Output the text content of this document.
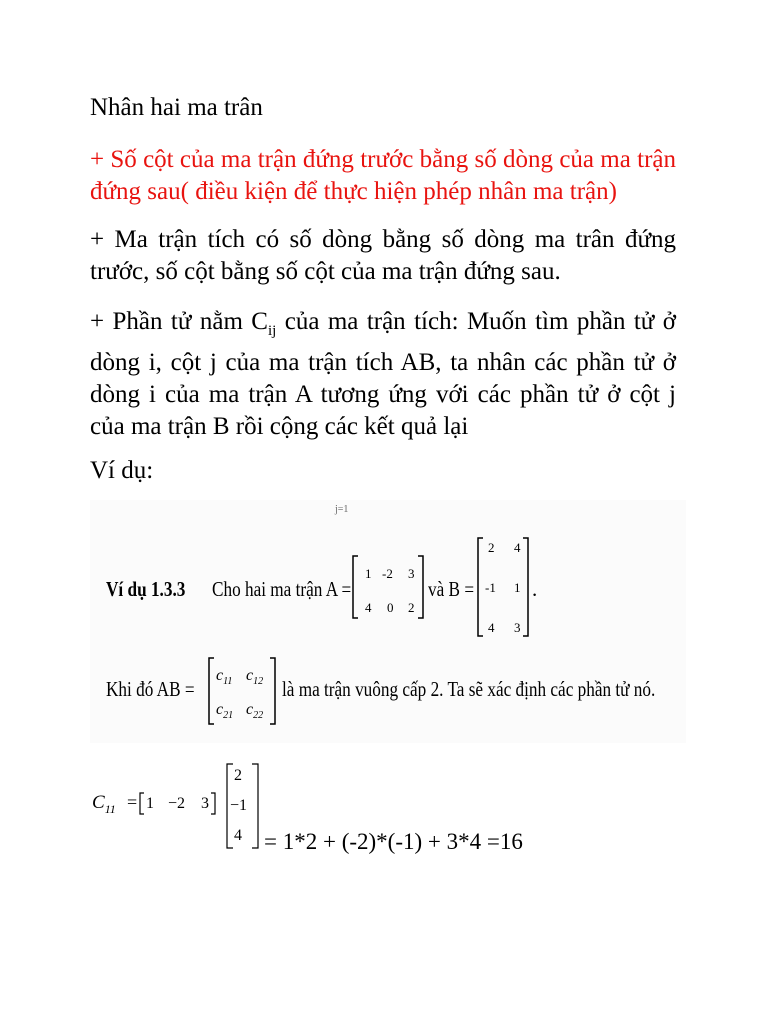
Nhân hai ma trân

+ Số cột của ma trận đứng trước bằng số dòng của ma trận đứng sau( điều kiện để thực hiện phép nhân ma trận)

+ Ma trận tích có số dòng bằng số dòng ma trân đứng trước, số cột bằng số cột của ma trận đứng sau.

+ Phần tử nằm $C_{ij}$ của ma trận tích: Muốn tìm phần tử ở dòng i, cột j của ma trận tích AB, ta nhân các phần tử ở dòng i của ma trận A tương ứng với các phần tử ở cột j của ma trận B rồi cộng các kết quả lại

Ví dụ:

j=1
Ví dụ 1.3.3 Cho hai ma trận A =
1 -2 3
4 0 2
và B =
2 4
-1 1
4 3
.
Khi đó AB =
$c_{11}$ $c_{12}$
$c_{21}$ $c_{22}$
là ma trận vuông cấp 2. Ta sẽ xác định các phần tử nó.
$C_{11} = 1 -2$ 3
2
−1
4 = 1*2 + (-2)*(-1) + 3*4 =16
